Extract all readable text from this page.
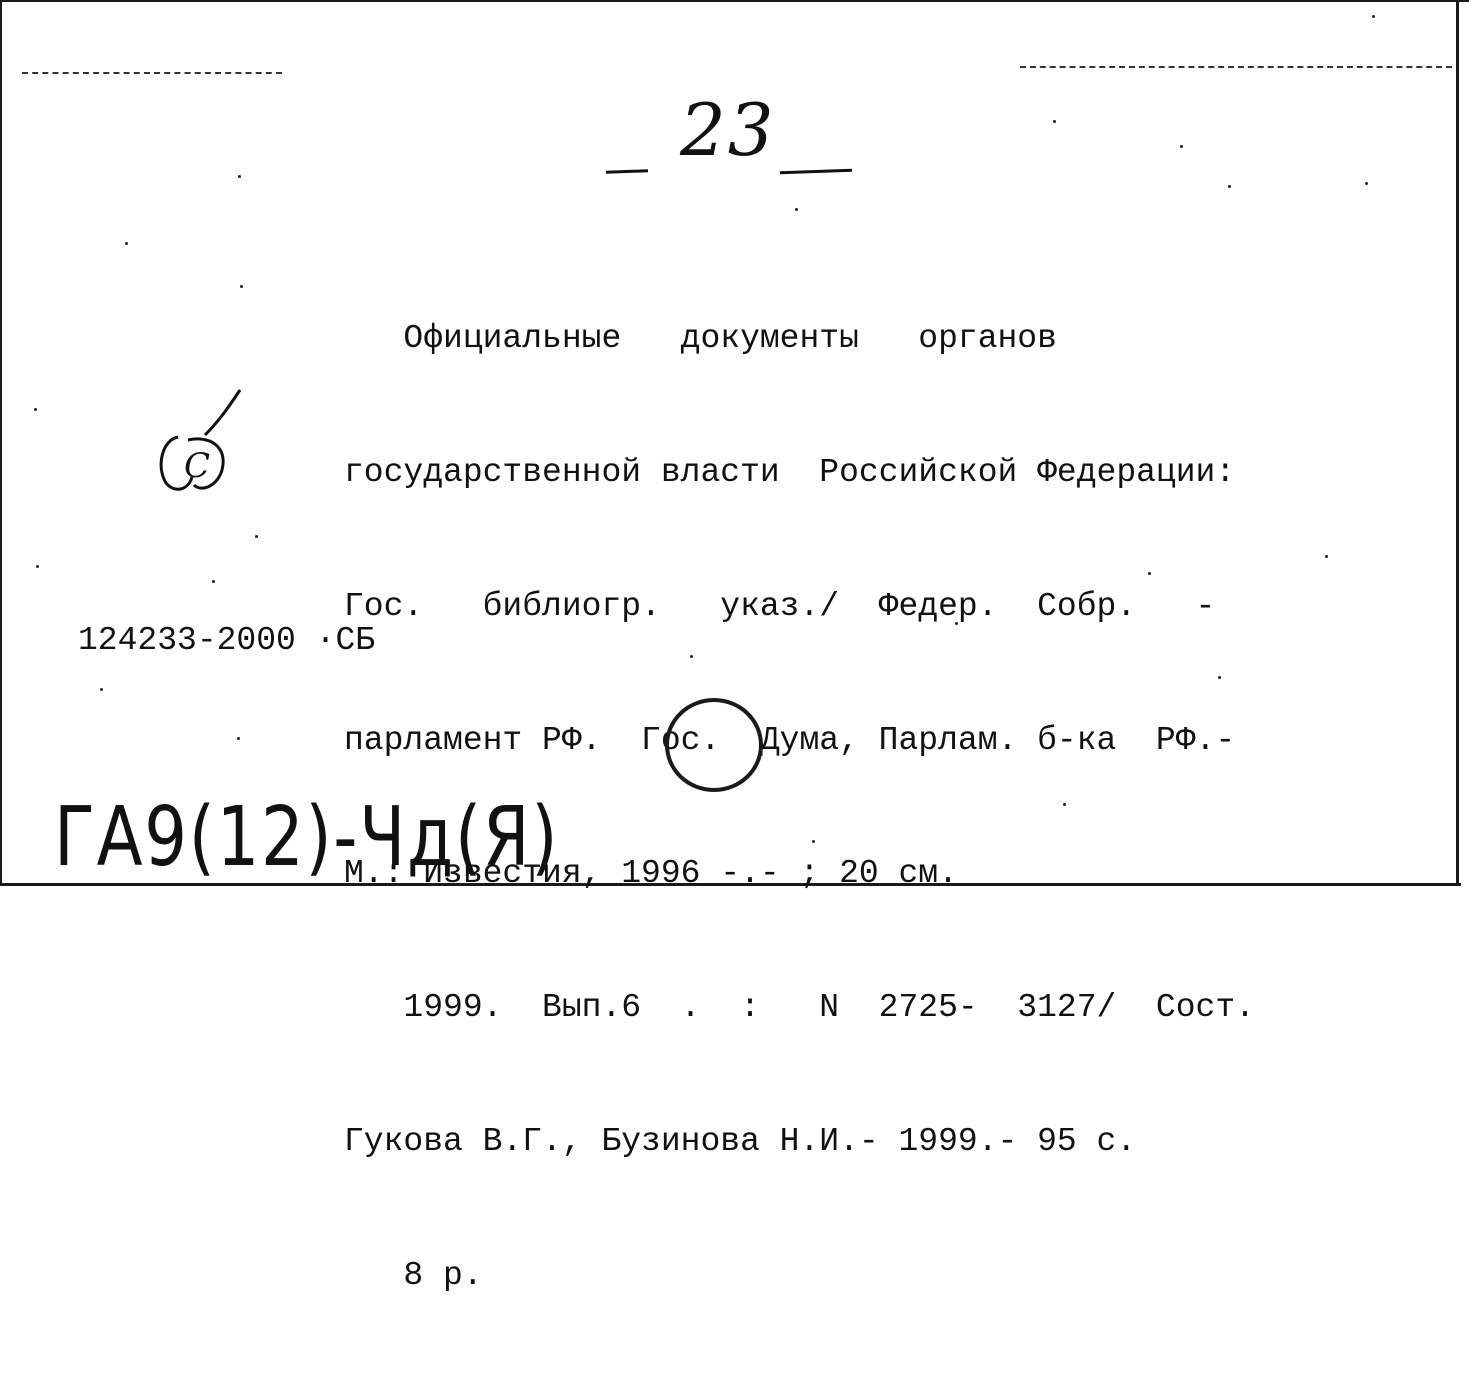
23
С

Официальные   документы   органов

государственной власти  Российской Федерации:

Гос.   библиогр.   указ./  Федер.  Собр.   -

парламент РФ.  Гос.  Дума, Парлам. б-ка  РФ.-

М.: Известия, 1996 -.- ; 20 см.

1999.  Вып.6  .  :   N  2725-  3127/  Сост.

Гукова В.Г., Бузинова Н.И.- 1999.- 95 с.

8 р.

124233-2000 ·СБ
ГА9(12)-Чд(Я)
